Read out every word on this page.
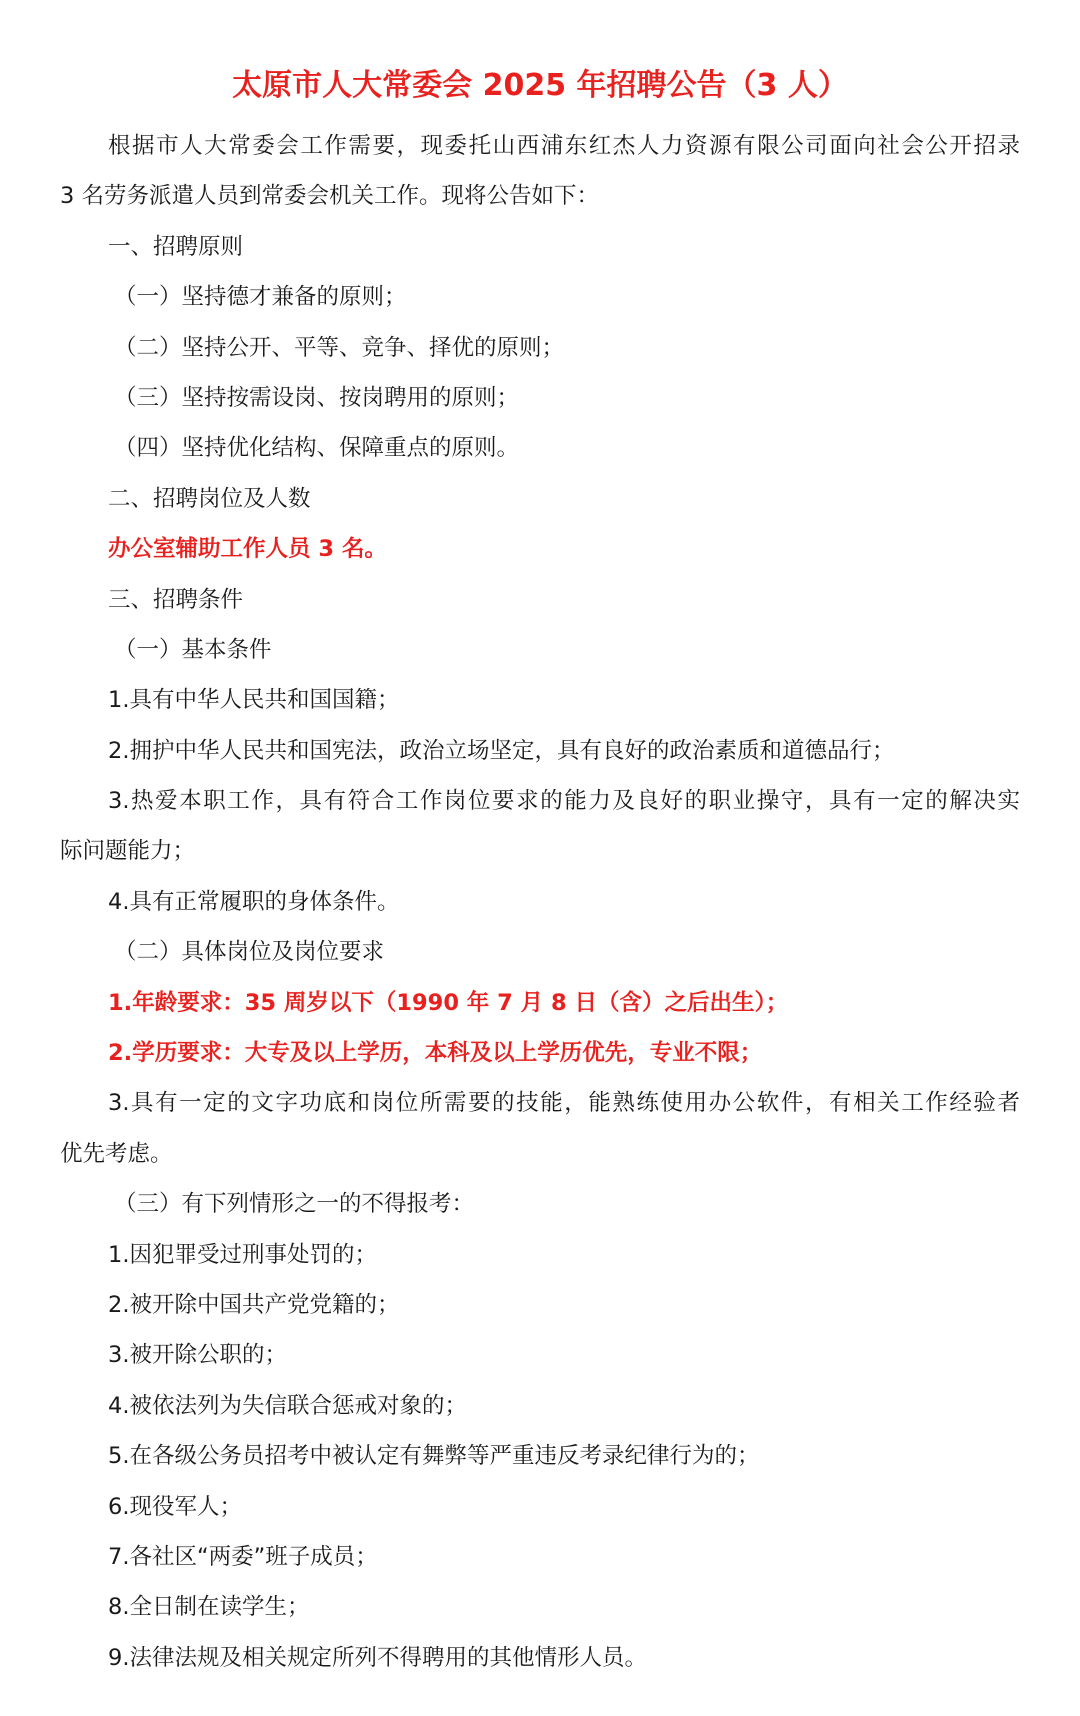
太原市人大常委会 2025 年招聘公告（3 人）
根据市人大常委会工作需要，现委托山西浦东红杰人力资源有限公司面向社会公开招录
3 名劳务派遣人员到常委会机关工作。现将公告如下：
一、招聘原则
（一）坚持德才兼备的原则；
（二）坚持公开、平等、竞争、择优的原则；
（三）坚持按需设岗、按岗聘用的原则；
（四）坚持优化结构、保障重点的原则。
二、招聘岗位及人数
办公室辅助工作人员 3 名。
三、招聘条件
（一）基本条件
1.具有中华人民共和国国籍；
2.拥护中华人民共和国宪法，政治立场坚定，具有良好的政治素质和道德品行；
3.热爱本职工作，具有符合工作岗位要求的能力及良好的职业操守，具有一定的解决实
际问题能力；
4.具有正常履职的身体条件。
（二）具体岗位及岗位要求
1.年龄要求：35 周岁以下（1990 年 7 月 8 日（含）之后出生）；
2.学历要求：大专及以上学历，本科及以上学历优先，专业不限；
3.具有一定的文字功底和岗位所需要的技能，能熟练使用办公软件，有相关工作经验者
优先考虑。
（三）有下列情形之一的不得报考：
1.因犯罪受过刑事处罚的；
2.被开除中国共产党党籍的；
3.被开除公职的；
4.被依法列为失信联合惩戒对象的；
5.在各级公务员招考中被认定有舞弊等严重违反考录纪律行为的；
6.现役军人；
7.各社区“两委”班子成员；
8.全日制在读学生；
9.法律法规及相关规定所列不得聘用的其他情形人员。
